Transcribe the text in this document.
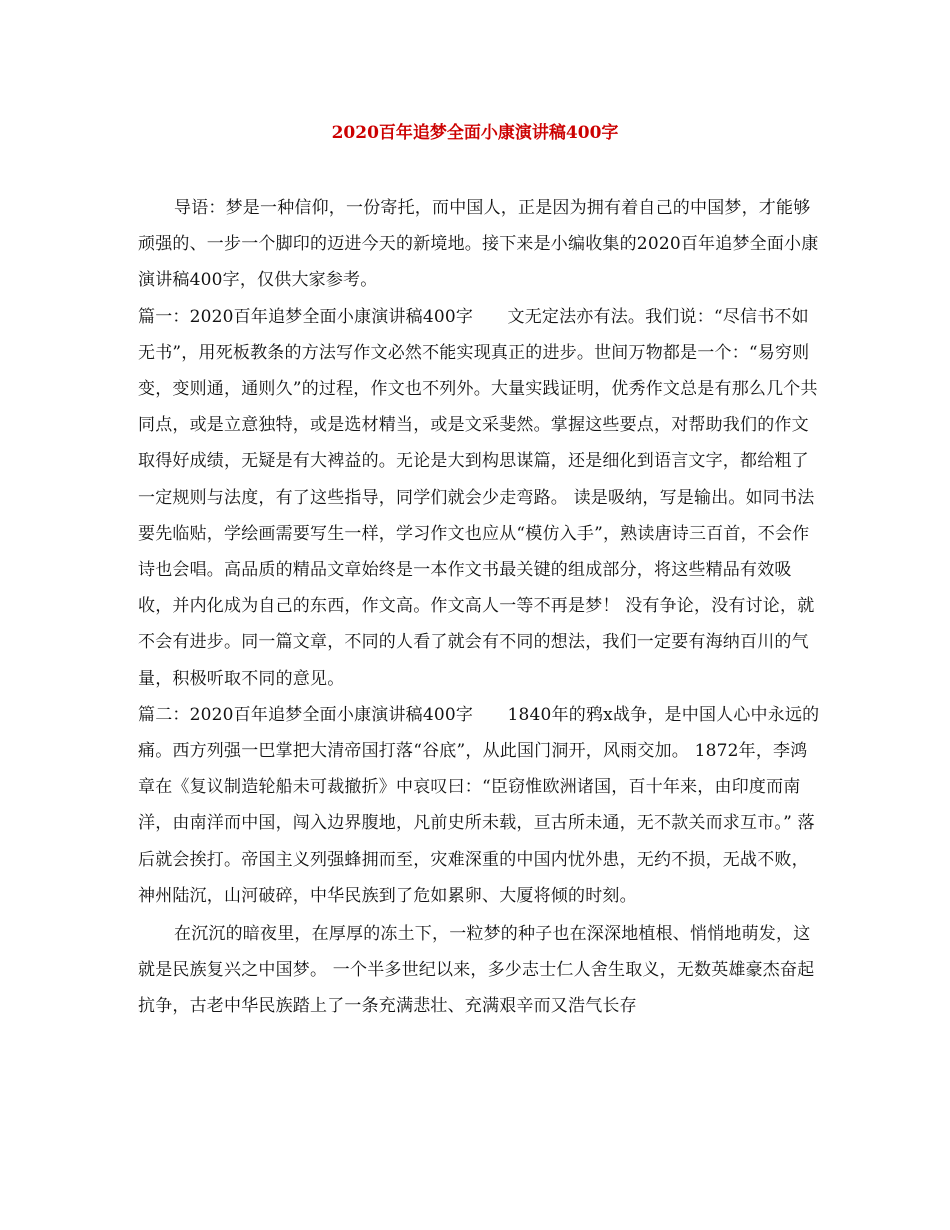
2020百年追梦全面小康演讲稿400字

导语：梦是一种信仰，一份寄托，而中国人，正是因为拥有着自己的中国梦，才能够顽强的、一步一个脚印的迈进今天的新境地。接下来是小编收集的2020百年追梦全面小康演讲稿400字，仅供大家参考。

篇一：2020百年追梦全面小康演讲稿400字　　文无定法亦有法。我们说：“尽信书不如无书”，用死板教条的方法写作文必然不能实现真正的进步。世间万物都是一个：“易穷则变，变则通，通则久”的过程，作文也不列外。大量实践证明，优秀作文总是有那么几个共同点，或是立意独特，或是选材精当，或是文采斐然。掌握这些要点，对帮助我们的作文取得好成绩，无疑是有大裨益的。无论是大到构思谋篇，还是细化到语言文字，都给粗了一定规则与法度，有了这些指导，同学们就会少走弯路。 读是吸纳，写是输出。如同书法要先临贴，学绘画需要写生一样，学习作文也应从“模仿入手”，熟读唐诗三百首，不会作诗也会唱。高品质的精品文章始终是一本作文书最关键的组成部分，将这些精品有效吸收，并内化成为自己的东西，作文高。作文高人一等不再是梦！ 没有争论，没有讨论，就不会有进步。同一篇文章，不同的人看了就会有不同的想法，我们一定要有海纳百川的气量，积极听取不同的意见。

篇二：2020百年追梦全面小康演讲稿400字　　1840年的鸦x战争，是中国人心中永远的痛。西方列强一巴掌把大清帝国打落“谷底”，从此国门洞开，风雨交加。 1872年，李鸿章在《复议制造轮船未可裁撤折》中哀叹曰：“臣窃惟欧洲诸国，百十年来，由印度而南洋，由南洋而中国，闯入边界腹地，凡前史所未载，亘古所未通，无不款关而求互市。” 落后就会挨打。帝国主义列强蜂拥而至，灾难深重的中国内忧外患，无约不损，无战不败，神州陆沉，山河破碎，中华民族到了危如累卵、大厦将倾的时刻。

在沉沉的暗夜里，在厚厚的冻土下，一粒梦的种子也在深深地植根、悄悄地萌发，这就是民族复兴之中国梦。 一个半多世纪以来，多少志士仁人舍生取义，无数英雄豪杰奋起抗争，古老中华民族踏上了一条充满悲壮、充满艰辛而又浩气长存
